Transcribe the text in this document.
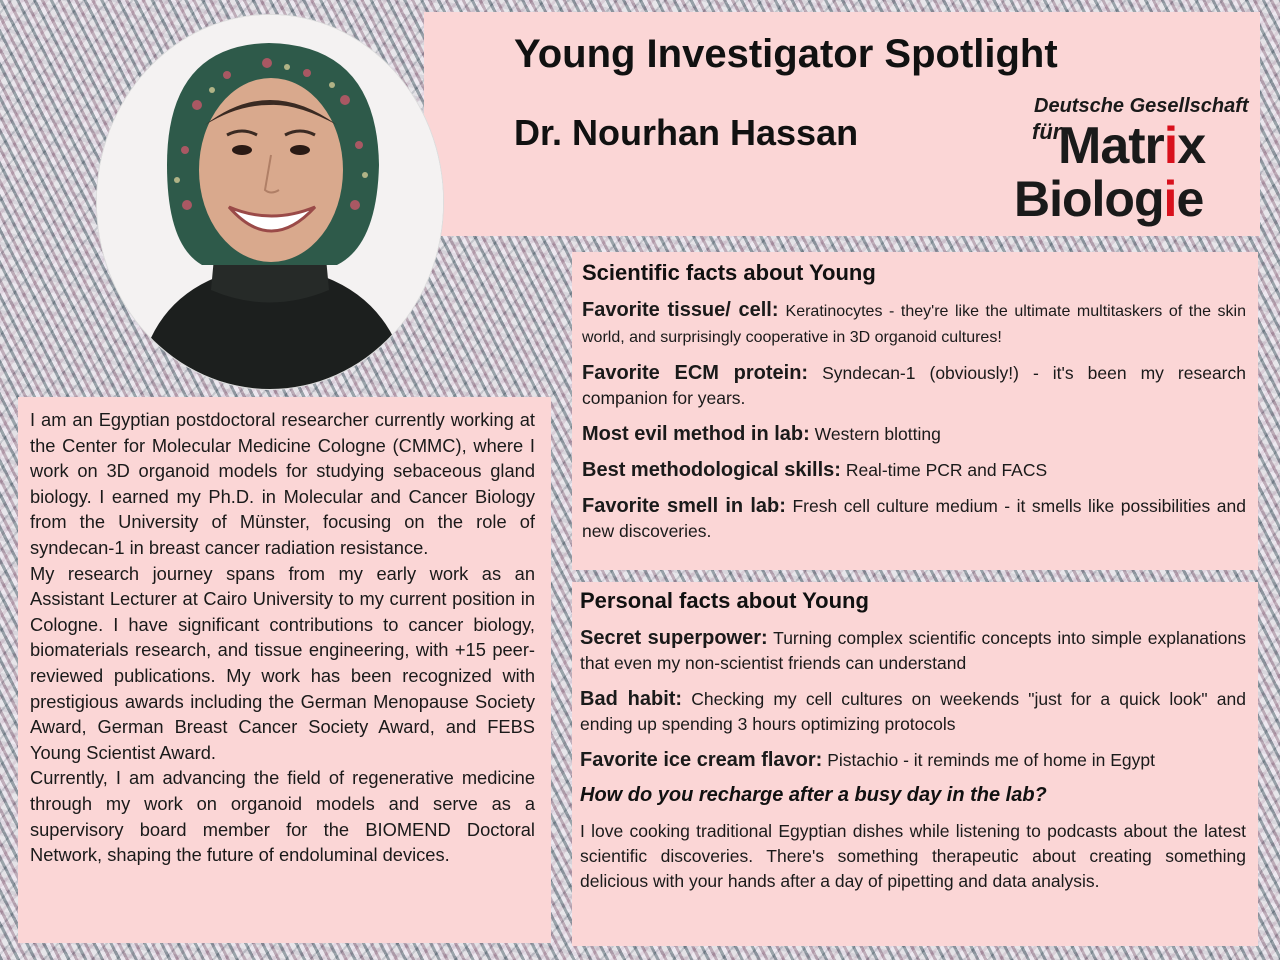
Young Investigator Spotlight
Dr. Nourhan Hassan
Deutsche Gesellschaft
für
Matrix
Biologie

I am an Egyptian postdoctoral researcher currently working at the Center for Molecular Medicine Cologne (CMMC), where I work on 3D organoid models for studying sebaceous gland biology. I earned my Ph.D. in Molecular and Cancer Biology from the University of Münster, focusing on the role of syndecan-1 in breast cancer radiation resistance.

My research journey spans from my early work as an Assistant Lecturer at Cairo University to my current position in Cologne. I have significant contributions to cancer biology, biomaterials research, and tissue engineering, with +15 peer-reviewed publications. My work has been recognized with prestigious awards including the German Menopause Society Award, German Breast Cancer Society Award, and FEBS Young Scientist Award.

Currently, I am advancing the field of regenerative medicine through my work on organoid models and serve as a supervisory board member for the BIOMEND Doctoral Network, shaping the future of endoluminal devices.

Scientific facts about Young
Favorite tissue/ cell: Keratinocytes - they're like the ultimate multitaskers of the skin world, and surprisingly cooperative in 3D organoid cultures!
Favorite ECM protein: Syndecan-1 (obviously!) - it's been my research companion for years.
Most evil method in lab: Western blotting
Best methodological skills: Real-time PCR and FACS
Favorite smell in lab: Fresh cell culture medium - it smells like possibilities and new discoveries.
Personal facts about Young
Secret superpower: Turning complex scientific concepts into simple explanations that even my non-scientist friends can understand
Bad habit: Checking my cell cultures on weekends "just for a quick look" and ending up spending 3 hours optimizing protocols
Favorite ice cream flavor: Pistachio - it reminds me of home in Egypt
How do you recharge after a busy day in the lab?
I love cooking traditional Egyptian dishes while listening to podcasts about the latest scientific discoveries. There's something therapeutic about creating something delicious with your hands after a day of pipetting and data analysis.
